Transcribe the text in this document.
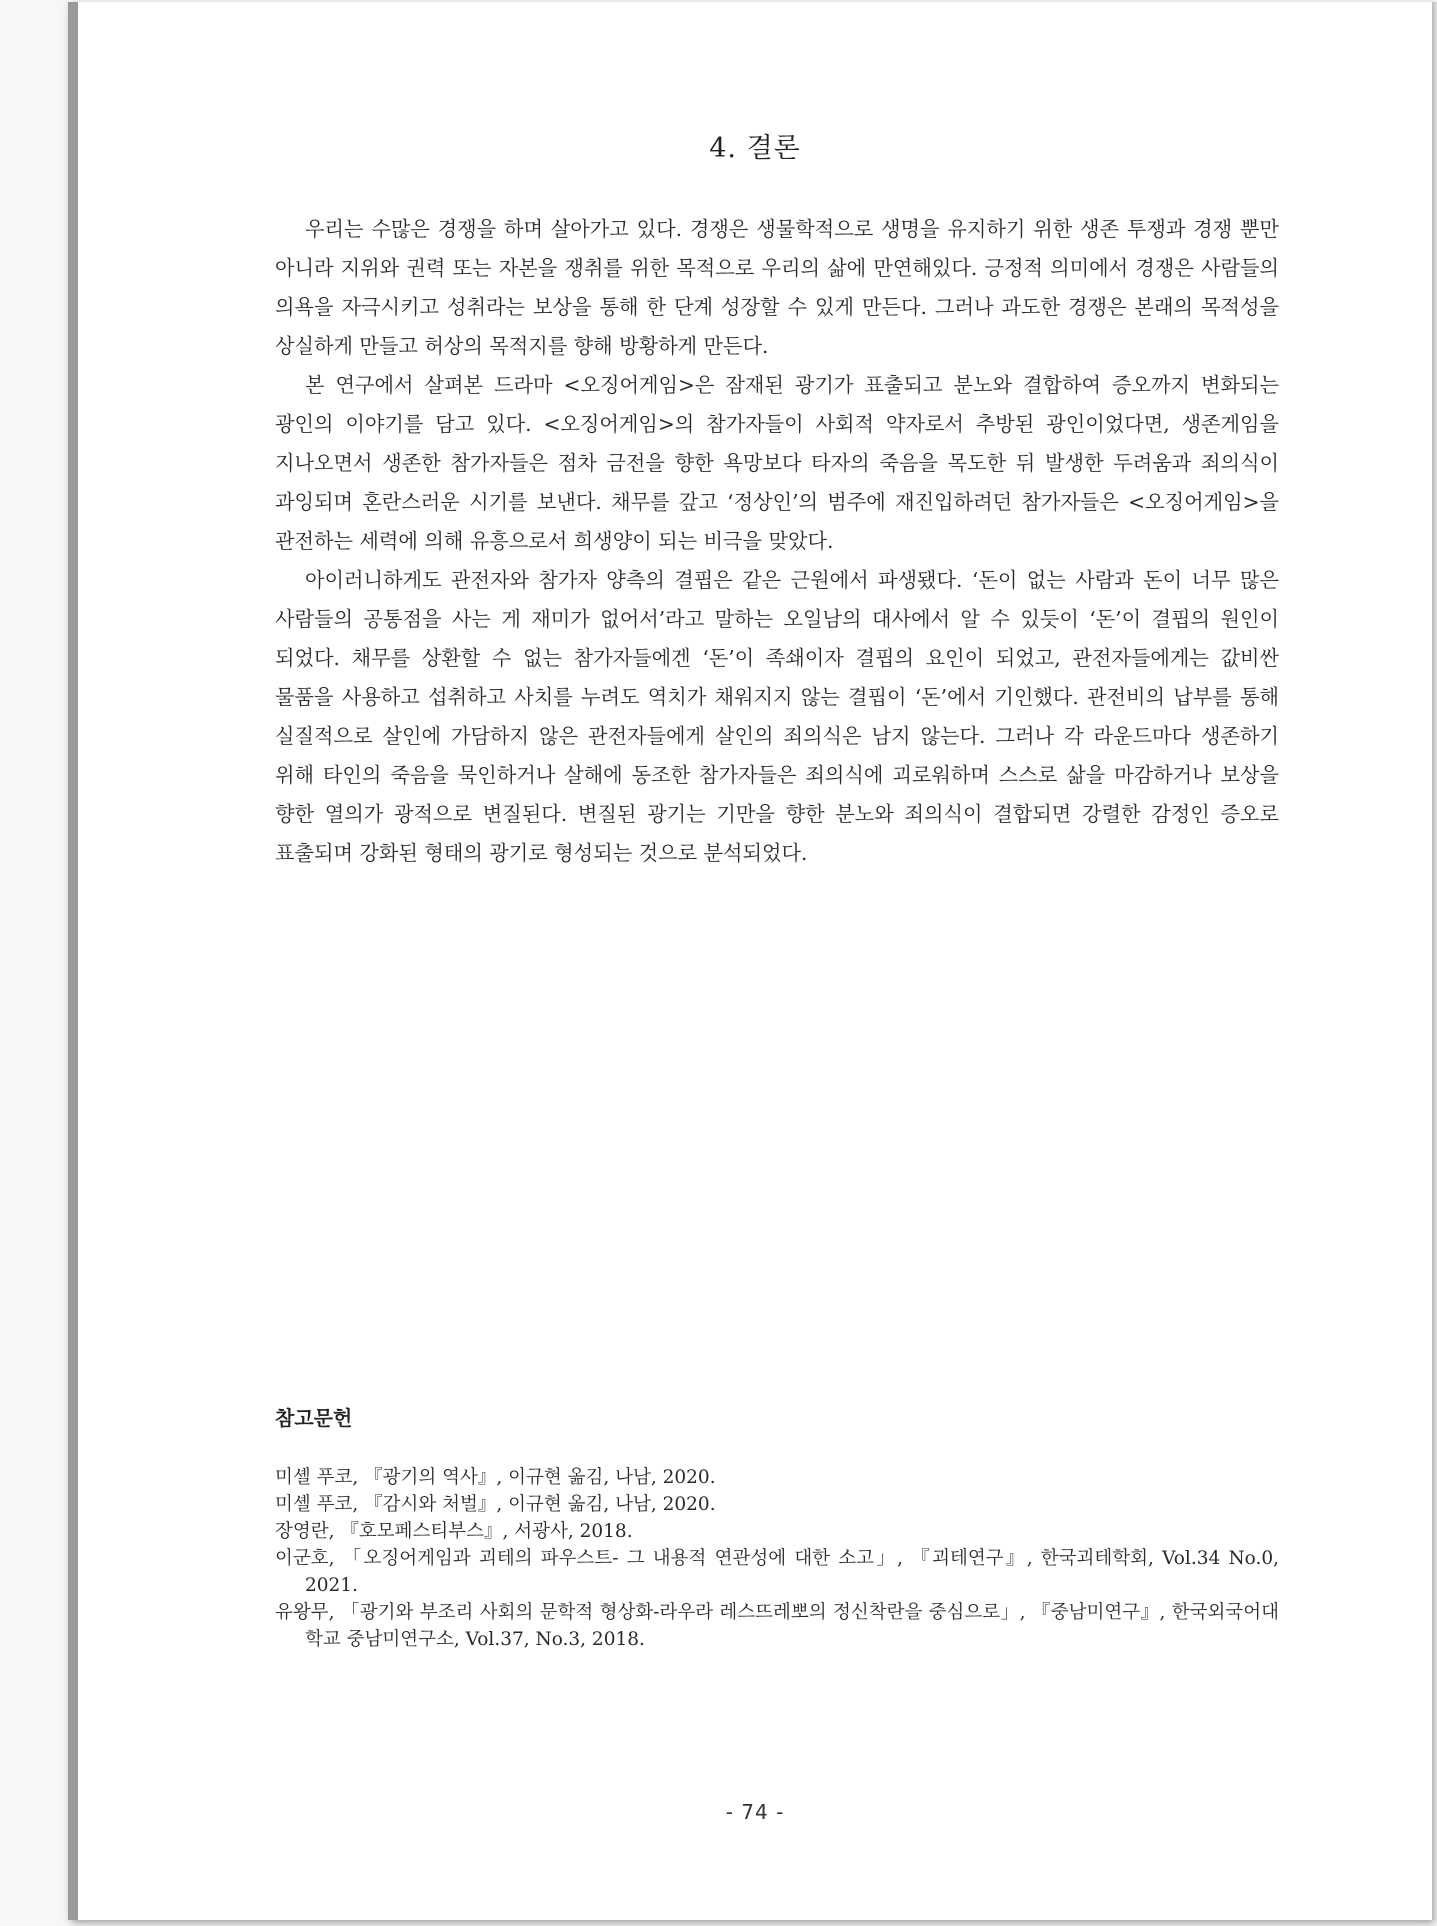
4. 결론

우리는 수많은 경쟁을 하며 살아가고 있다. 경쟁은 생물학적으로 생명을 유지하기 위한 생존 투쟁과 경쟁 뿐만 아니라 지위와 권력 또는 자본을 쟁취를 위한 목적으로 우리의 삶에 만연해있다. 긍정적 의미에서 경쟁은 사람들의 의욕을 자극시키고 성취라는 보상을 통해 한 단계 성장할 수 있게 만든다. 그러나 과도한 경쟁은 본래의 목적성을 상실하게 만들고 허상의 목적지를 향해 방황하게 만든다.

본 연구에서 살펴본 드라마 <오징어게임>은 잠재된 광기가 표출되고 분노와 결합하여 증오까지 변화되는 광인의 이야기를 담고 있다. <오징어게임>의 참가자들이 사회적 약자로서 추방된 광인이었다면, 생존게임을 지나오면서 생존한 참가자들은 점차 금전을 향한 욕망보다 타자의 죽음을 목도한 뒤 발생한 두려움과 죄의식이 과잉되며 혼란스러운 시기를 보낸다. 채무를 갚고 ‘정상인’의 범주에 재진입하려던 참가자들은 <오징어게임>을 관전하는 세력에 의해 유흥으로서 희생양이 되는 비극을 맞았다.

아이러니하게도 관전자와 참가자 양측의 결핍은 같은 근원에서 파생됐다. ‘돈이 없는 사람과 돈이 너무 많은 사람들의 공통점을 사는 게 재미가 없어서’라고 말하는 오일남의 대사에서 알 수 있듯이 ‘돈’이 결핍의 원인이 되었다. 채무를 상환할 수 없는 참가자들에겐 ‘돈’이 족쇄이자 결핍의 요인이 되었고, 관전자들에게는 값비싼 물품을 사용하고 섭취하고 사치를 누려도 역치가 채워지지 않는 결핍이 ‘돈’에서 기인했다. 관전비의 납부를 통해 실질적으로 살인에 가담하지 않은 관전자들에게 살인의 죄의식은 남지 않는다. 그러나 각 라운드마다 생존하기 위해 타인의 죽음을 묵인하거나 살해에 동조한 참가자들은 죄의식에 괴로워하며 스스로 삶을 마감하거나 보상을 향한 열의가 광적으로 변질된다. 변질된 광기는 기만을 향한 분노와 죄의식이 결합되면 강렬한 감정인 증오로 표출되며 강화된 형태의 광기로 형성되는 것으로 분석되었다.

참고문헌

미셸 푸코, 『광기의 역사』, 이규현 옮김, 나남, 2020.

미셸 푸코, 『감시와 처벌』, 이규현 옮김, 나남, 2020.

장영란, 『호모페스티부스』, 서광사, 2018.

이군호, 「오징어게임과 괴테의 파우스트- 그 내용적 연관성에 대한 소고」, 『괴테연구』, 한국괴테학회, Vol.34 No.0, 2021.

유왕무, 「광기와 부조리 사회의 문학적 형상화-라우라 레스뜨레뽀의 정신착란을 중심으로」, 『중남미연구』, 한국외국어대학교 중남미연구소, Vol.37, No.3, 2018.

- 74 -
